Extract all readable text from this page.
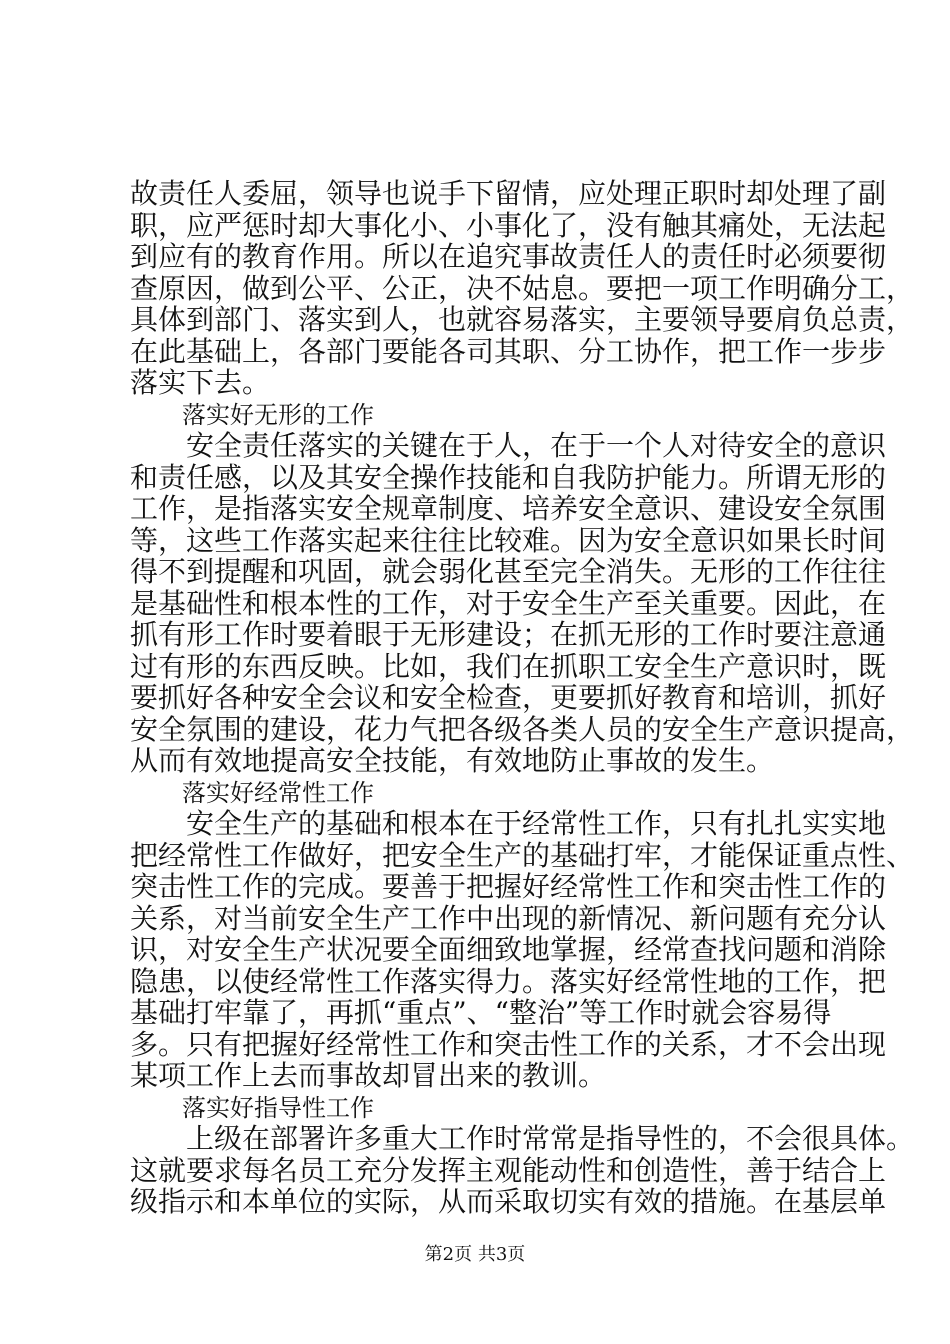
故责任人委屈，领导也说手下留情，应处理正职时却处理了副

职，应严惩时却大事化小、小事化了，没有触其痛处，无法起

到应有的教育作用。所以在追究事故责任人的责任时必须要彻

查原因，做到公平、公正，决不姑息。要把一项工作明确分工，

具体到部门、落实到人，也就容易落实，主要领导要肩负总责，

在此基础上，各部门要能各司其职、分工协作，把工作一步步

落实下去。

落实好无形的工作

　　安全责任落实的关键在于人，在于一个人对待安全的意识

和责任感，以及其安全操作技能和自我防护能力。所谓无形的

工作，是指落实安全规章制度、培养安全意识、建设安全氛围

等，这些工作落实起来往往比较难。因为安全意识如果长时间

得不到提醒和巩固，就会弱化甚至完全消失。无形的工作往往

是基础性和根本性的工作，对于安全生产至关重要。因此，在

抓有形工作时要着眼于无形建设；在抓无形的工作时要注意通

过有形的东西反映。比如，我们在抓职工安全生产意识时，既

要抓好各种安全会议和安全检查，更要抓好教育和培训，抓好

安全氛围的建设，花力气把各级各类人员的安全生产意识提高，

从而有效地提高安全技能，有效地防止事故的发生。

落实好经常性工作

　　安全生产的基础和根本在于经常性工作，只有扎扎实实地

把经常性工作做好，把安全生产的基础打牢，才能保证重点性、

突击性工作的完成。要善于把握好经常性工作和突击性工作的

关系，对当前安全生产工作中出现的新情况、新问题有充分认

识，对安全生产状况要全面细致地掌握，经常查找问题和消除

隐患，以使经常性工作落实得力。落实好经常性地的工作，把

基础打牢靠了，再抓“重点”、“整治”等工作时就会容易得

多。只有把握好经常性工作和突击性工作的关系，才不会出现

某项工作上去而事故却冒出来的教训。

落实好指导性工作

　　上级在部署许多重大工作时常常是指导性的，不会很具体。

这就要求每名员工充分发挥主观能动性和创造性，善于结合上

级指示和本单位的实际，从而采取切实有效的措施。在基层单

第2页 共3页
